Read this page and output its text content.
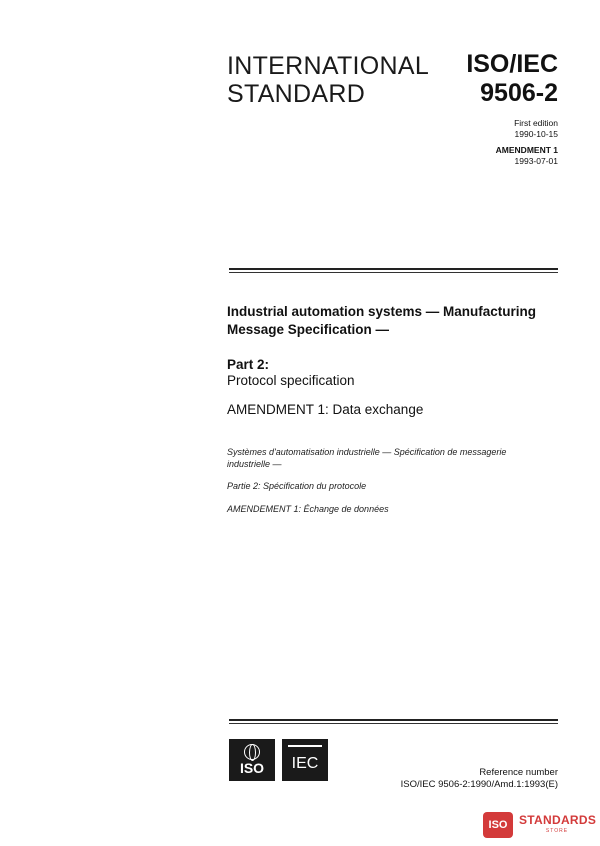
INTERNATIONAL
STANDARD
ISO/IEC
9506-2
First edition
1990-10-15
AMENDMENT 1
1993-07-01
Industrial automation systems — Manufacturing Message Specification —
Part 2:
Protocol specification
AMENDMENT 1: Data exchange
Systèmes d'automatisation industrielle — Spécification de messagerie industrielle —
Partie 2: Spécification du protocole
AMENDEMENT 1: Échange de données
ISO	IEC
Reference number
ISO/IEC 9506-2:1990/Amd.1:1993(E)
ISO STANDARDS
STORE
